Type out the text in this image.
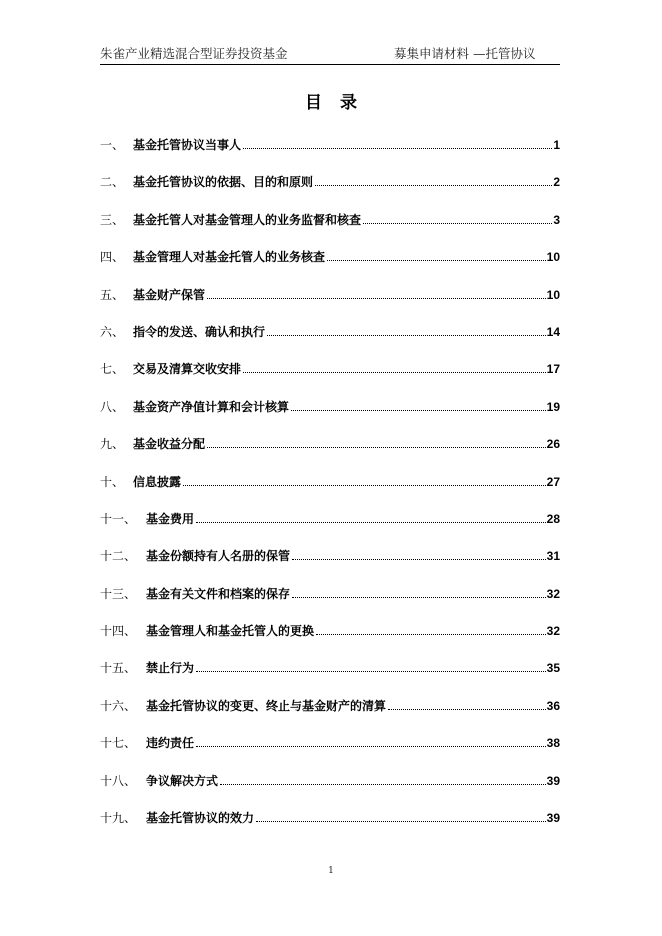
朱雀产业精选混合型证券投资基金	募集申请材料 —托管协议
目录
一、 基金托管协议当事人	1
二、 基金托管协议的依据、目的和原则	2
三、 基金托管人对基金管理人的业务监督和核查	3
四、 基金管理人对基金托管人的业务核查	10
五、 基金财产保管	10
六、 指令的发送、确认和执行	14
七、 交易及清算交收安排	17
八、 基金资产净值计算和会计核算	19
九、 基金收益分配	26
十、 信息披露	27
十一、 基金费用	28
十二、 基金份额持有人名册的保管	31
十三、 基金有关文件和档案的保存	32
十四、 基金管理人和基金托管人的更换	32
十五、 禁止行为	35
十六、 基金托管协议的变更、终止与基金财产的清算	36
十七、 违约责任	38
十八、 争议解决方式	39
十九、 基金托管协议的效力	39
1
